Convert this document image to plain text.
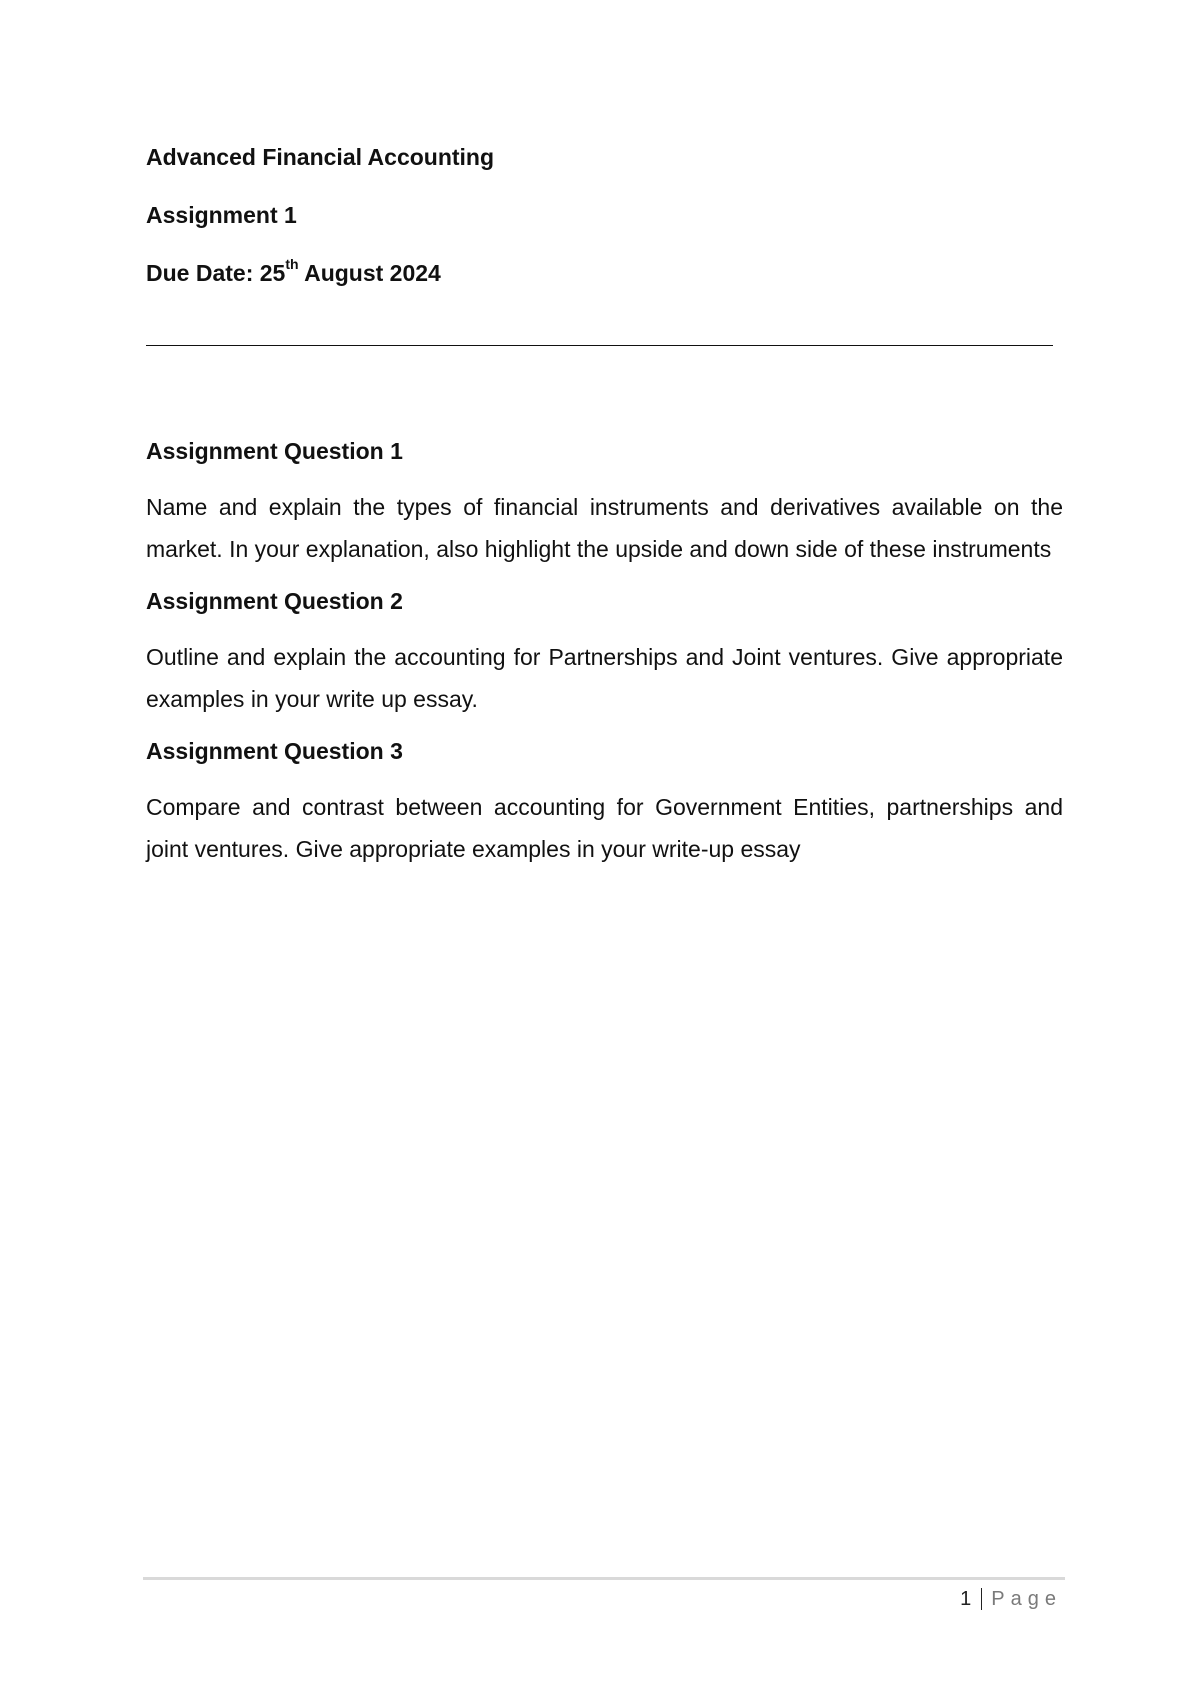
Advanced Financial Accounting

Assignment 1

Due Date: 25th August 2024

Assignment Question 1

Name and explain the types of financial instruments and derivatives available on the market. In your explanation, also highlight the upside and down side of these instruments

Assignment Question 2

Outline and explain the accounting for Partnerships and Joint ventures. Give appropriate examples in your write up essay.

Assignment Question 3

Compare and contrast between accounting for Government Entities, partnerships and joint ventures. Give appropriate examples in your write-up essay

1 Page
